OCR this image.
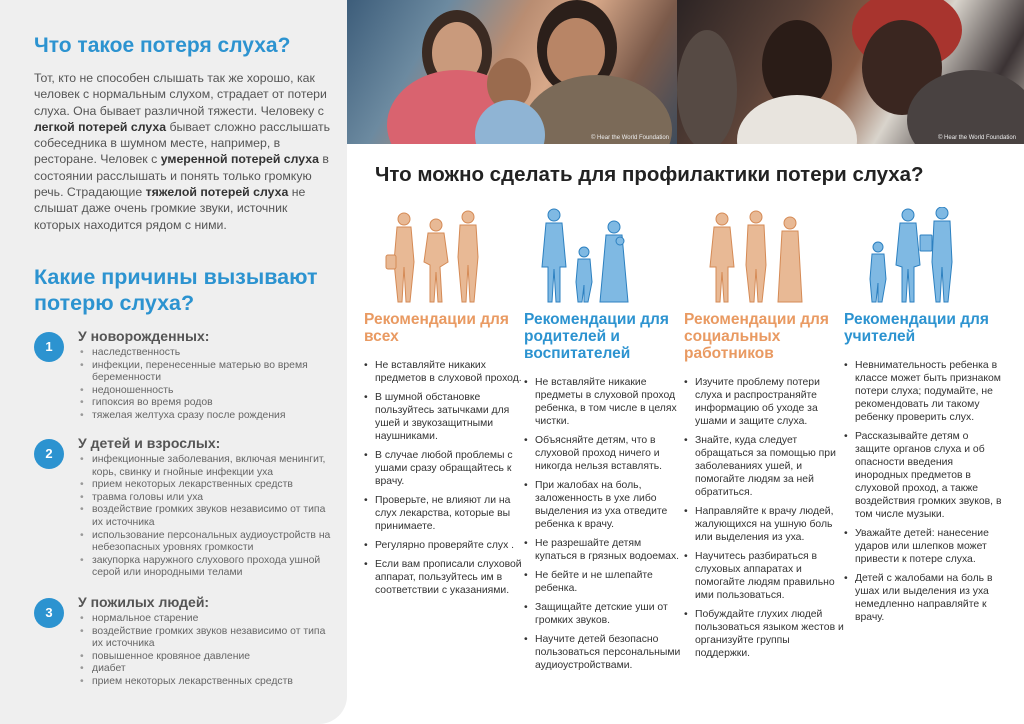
Что такое потеря слуха?

Тот, кто не способен слышать так же хорошо, как человек с нормальным слухом, страдает от потери слуха. Она бывает различной тяжести. Человеку с легкой потерей слуха бывает сложно расслышать собеседника в шумном месте, например, в ресторане. Человек с умеренной потерей слуха в состоянии расслышать и понять только громкую речь. Страдающие тяжелой потерей слуха не слышат даже очень громкие звуки, источник которых находится рядом с ними.

Какие причины вызывают потерю слуха?
1
У новорожденных:
• наследственность
• инфекции, перенесенные матерью во время беременности
• недоношенность
• гипоксия во время родов
• тяжелая желтуха сразу после рождения
2
У детей и взрослых:
• инфекционные заболевания, включая менингит, корь, свинку и гнойные инфекции уха
• прием некоторых лекарственных средств
• травма головы или уха
• воздействие громких звуков независимо от типа их источника
• использование персональных аудиоустройств на небезопасных уровнях громкости
• закупорка наружного слухового прохода ушной серой или инородными телами
3
У пожилых людей:
• нормальное старение
• воздействие громких звуков независимо от типа их источника
• повышенное кровяное давление
• диабет
• прием некоторых лекарственных средств
© Hear the World Foundation	© Hear the World Foundation
Что можно сделать для профилактики потери слуха?
Рекомендации для всех
• Не вставляйте никаких предметов в слуховой проход.
• В шумной обстановке пользуйтесь затычками для ушей и звукозащитными наушниками.
• В случае любой проблемы с ушами сразу обращайтесь к врачу.
• Проверьте, не влияют ли на слух лекарства, которые вы принимаете.
• Регулярно проверяйте слух .
• Если вам прописали слуховой аппарат, пользуйтесь им в соответствии с указаниями.
Рекомендации для родителей и воспитателей
• Не вставляйте никакие предметы в слуховой проход ребенка, в том числе в целях чистки.
• Объясняйте детям, что в слуховой проход ничего и никогда нельзя вставлять.
• При жалобах на боль, заложенность в ухе либо выделения из уха отведите ребенка к врачу.
• Не разрешайте детям купаться в грязных водоемах.
• Не бейте и не шлепайте ребенка.
• Защищайте детские уши от громких звуков.
• Научите детей безопасно пользоваться персональными аудиоустройствами.
Рекомендации для социальных работников
• Изучите проблему потери слуха и распространяйте информацию об уходе за ушами и защите слуха.
• Знайте, куда следует обращаться за помощью при заболеваниях ушей, и помогайте людям за ней обратиться.
• Направляйте к врачу людей, жалующихся на ушную боль или выделения из уха.
• Научитесь разбираться в слуховых аппаратах и помогайте людям правильно ими пользоваться.
• Побуждайте глухих людей пользоваться языком жестов и организуйте группы поддержки.
Рекомендации для учителей
• Невнимательность ребенка в классе может быть признаком потери слуха; подумайте, не рекомендовать ли такому ребенку проверить слух.
• Рассказывайте детям о защите органов слуха и об опасности введения инородных предметов в слуховой проход, а также воздействия громких звуков, в том числе музыки.
• Уважайте детей: нанесение ударов или шлепков может привести к потере слуха.
• Детей с жалобами на боль в ушах или выделения из уха немедленно направляйте к врачу.
